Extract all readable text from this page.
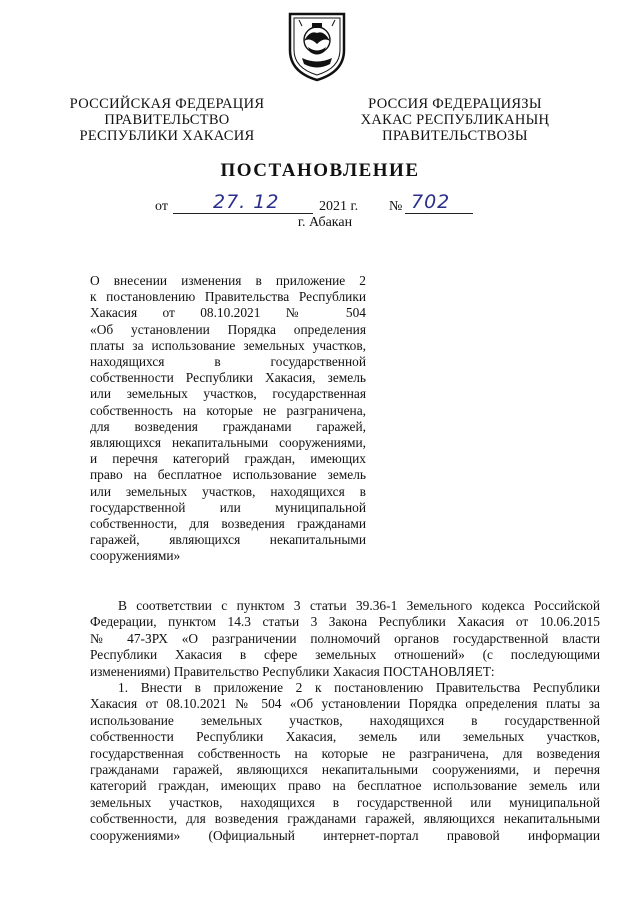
РОССИЙСКАЯ ФЕДЕРАЦИЯ
ПРАВИТЕЛЬСТВО
РЕСПУБЛИКИ ХАКАСИЯ
РОССИЯ ФЕДЕРАЦИЯЗЫ
ХАКАС РЕСПУБЛИКАНЫҢ
ПРАВИТЕЛЬСТВОЗЫ
ПОСТАНОВЛЕНИЕ
от 27. 12	2021 г. № 702
г. Абакан
О внесении изменения в приложение 2
к постановлению Правительства Республики
Хакасия от 08.10.2021 № 504
«Об установлении Порядка определения
платы за использование земельных участков,
находящихся в государственной
собственности Республики Хакасия, земель
или земельных участков, государственная
собственность на которые не разграничена,
для возведения гражданами гаражей,
являющихся некапитальными сооружениями,
и перечня категорий граждан, имеющих
право на бесплатное использование земель
или земельных участков, находящихся в
государственной или муниципальной
собственности, для возведения гражданами
гаражей, являющихся некапитальными
сооружениями»
В соответствии с пунктом 3 статьи 39.36-1 Земельного кодекса Российской
Федерации, пунктом 14.3 статьи 3 Закона Республики Хакасия от 10.06.2015
№ 47-ЗРХ «О разграничении полномочий органов государственной власти
Республики Хакасия в сфере земельных отношений» (с последующими
изменениями) Правительство Республики Хакасия ПОСТАНОВЛЯЕТ:
1. Внести в приложение 2 к постановлению Правительства Республики
Хакасия от 08.10.2021 № 504 «Об установлении Порядка определения платы за
использование земельных участков, находящихся в государственной
собственности Республики Хакасия, земель или земельных участков,
государственная собственность на которые не разграничена, для возведения
гражданами гаражей, являющихся некапитальными сооружениями, и перечня
категорий граждан, имеющих право на бесплатное использование земель или
земельных участков, находящихся в государственной или муниципальной
собственности, для возведения гражданами гаражей, являющихся некапитальными
сооружениями» (Официальный интернет-портал правовой информации
